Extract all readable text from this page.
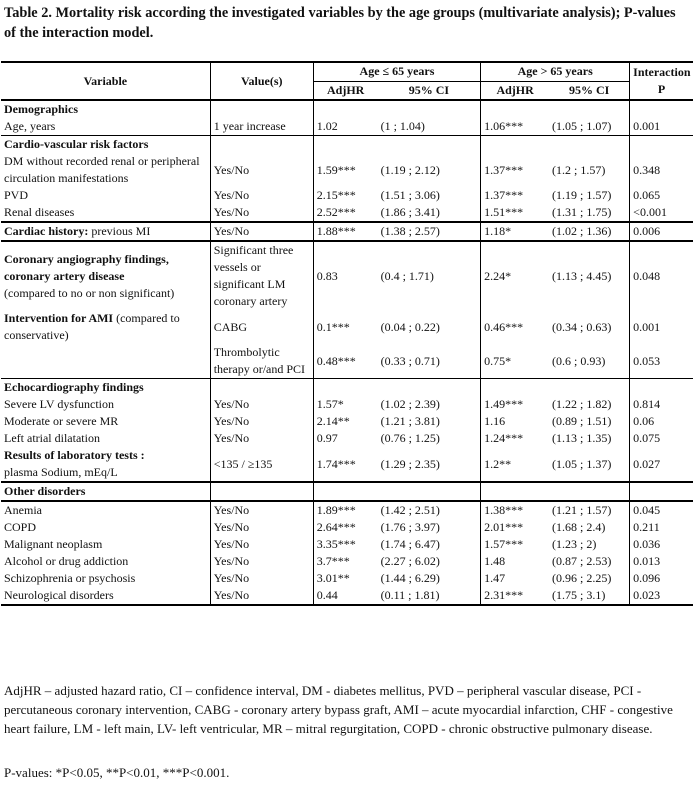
Table 2. Mortality risk according the investigated variables by the age groups (multivariate analysis); P-values of the interaction model.
Variable	Value(s)	Age ≤ 65 years		Age > 65 years		Interaction P
		AdjHR	95% CI	AdjHR	95% CI	
Demographics						
Age, years	1 year increase	1.02	(1 ; 1.04)	1.06***	(1.05 ; 1.07)	0.001
Cardio-vascular risk factors						
DM without recorded renal or peripheral circulation manifestations	Yes/No	1.59***	(1.19 ; 2.12)	1.37***	(1.2 ; 1.57)	0.348
PVD	Yes/No	2.15***	(1.51 ; 3.06)	1.37***	(1.19 ; 1.57)	0.065
Renal diseases	Yes/No	2.52***	(1.86 ; 3.41)	1.51***	(1.31 ; 1.75)	<0.001
Cardiac history: previous MI	Yes/No	1.88***	(1.38 ; 2.57)	1.18*	(1.02 ; 1.36)	0.006
Coronary angiography findings, coronary artery disease
(compared to no or non significant)	Significant three vessels or significant LM coronary artery	0.83	(0.4 ; 1.71)	2.24*	(1.13 ; 4.45)	0.048
Intervention for AMI (compared to conservative)	CABG	0.1***	(0.04 ; 0.22)	0.46***	(0.34 ; 0.63)	0.001
	Thrombolytic therapy or/and PCI	0.48***	(0.33 ; 0.71)	0.75*	(0.6 ; 0.93)	0.053
Echocardiography findings						
Severe LV dysfunction	Yes/No	1.57*	(1.02 ; 2.39)	1.49***	(1.22 ; 1.82)	0.814
Moderate or severe MR	Yes/No	2.14**	(1.21 ; 3.81)	1.16	(0.89 ; 1.51)	0.06
Left atrial dilatation	Yes/No	0.97	(0.76 ; 1.25)	1.24***	(1.13 ; 1.35)	0.075
Results of laboratory tests :
plasma Sodium, mEq/L	<135 / ≥135	1.74***	(1.29 ; 2.35)	1.2**	(1.05 ; 1.37)	0.027
Other disorders						
Anemia	Yes/No	1.89***	(1.42 ; 2.51)	1.38***	(1.21 ; 1.57)	0.045
COPD	Yes/No	2.64***	(1.76 ; 3.97)	2.01***	(1.68 ; 2.4)	0.211
Malignant neoplasm	Yes/No	3.35***	(1.74 ; 6.47)	1.57***	(1.23 ; 2)	0.036
Alcohol or drug addiction	Yes/No	3.7***	(2.27 ; 6.02)	1.48	(0.87 ; 2.53)	0.013
Schizophrenia or psychosis	Yes/No	3.01**	(1.44 ; 6.29)	1.47	(0.96 ; 2.25)	0.096
Neurological disorders	Yes/No	0.44	(0.11 ; 1.81)	2.31***	(1.75 ; 3.1)	0.023
AdjHR – adjusted hazard ratio, CI – confidence interval, DM - diabetes mellitus, PVD – peripheral vascular disease, PCI - percutaneous coronary intervention, CABG - coronary artery bypass graft, AMI – acute myocardial infarction, CHF - congestive heart failure, LM - left main, LV- left ventricular, MR – mitral regurgitation, COPD - chronic obstructive pulmonary disease.
P-values: *P<0.05, **P<0.01, ***P<0.001.
